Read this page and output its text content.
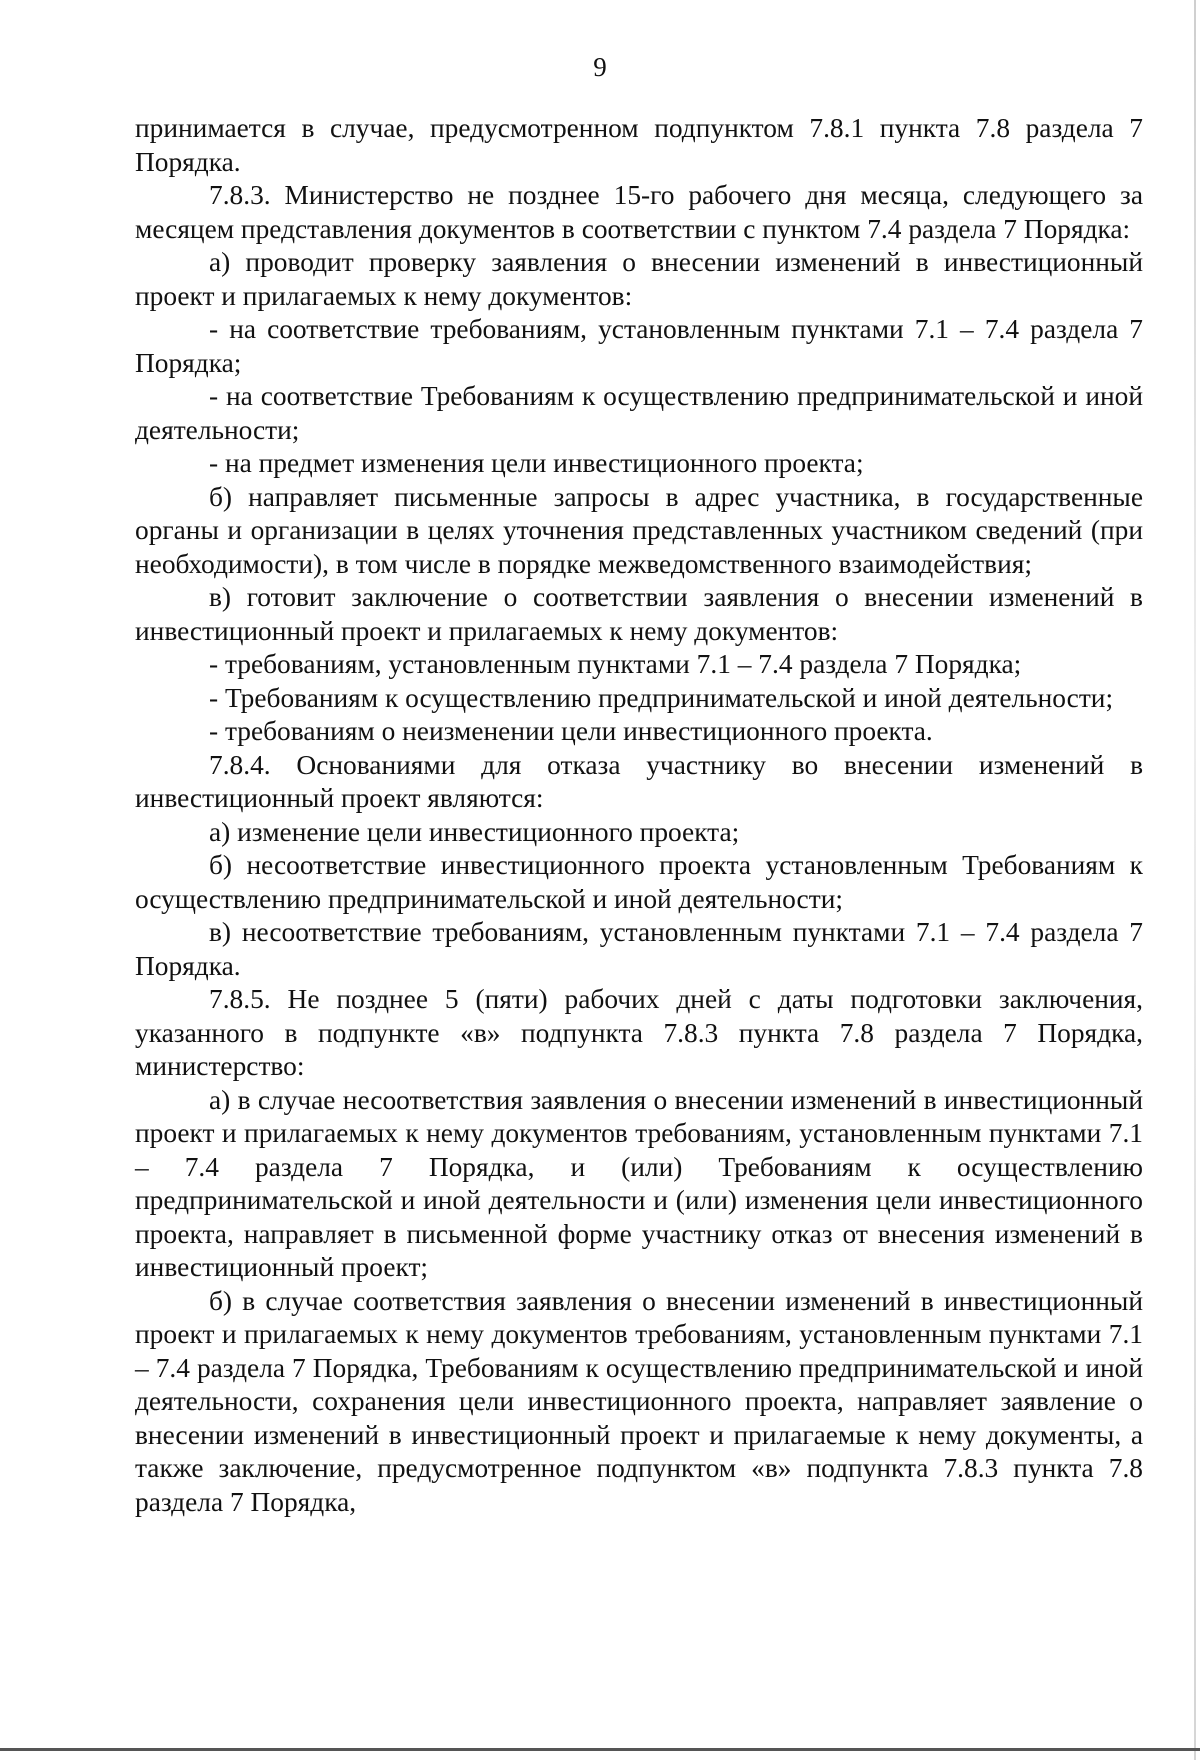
9

принимается в случае, предусмотренном подпунктом 7.8.1 пункта 7.8 раздела 7 Порядка.

7.8.3. Министерство не позднее 15-го рабочего дня месяца, следующего за месяцем представления документов в соответствии с пунктом 7.4 раздела 7 Порядка:

а) проводит проверку заявления о внесении изменений в инвестиционный проект и прилагаемых к нему документов:

- на соответствие требованиям, установленным пунктами 7.1 – 7.4 раздела 7 Порядка;

- на соответствие Требованиям к осуществлению предпринимательской и иной деятельности;

- на предмет изменения цели инвестиционного проекта;

б) направляет письменные запросы в адрес участника, в государственные органы и организации в целях уточнения представленных участником сведений (при необходимости), в том числе в порядке межведомственного взаимодействия;

в) готовит заключение о соответствии заявления о внесении изменений в инвестиционный проект и прилагаемых к нему документов:

- требованиям, установленным пунктами 7.1 – 7.4 раздела 7 Порядка;

- Требованиям к осуществлению предпринимательской и иной деятельности;

- требованиям о неизменении цели инвестиционного проекта.

7.8.4. Основаниями для отказа участнику во внесении изменений в инвестиционный проект являются:

а) изменение цели инвестиционного проекта;

б) несоответствие инвестиционного проекта установленным Требованиям к осуществлению предпринимательской и иной деятельности;

в) несоответствие требованиям, установленным пунктами 7.1 – 7.4 раздела 7 Порядка.

7.8.5. Не позднее 5 (пяти) рабочих дней с даты подготовки заключения, указанного в подпункте «в» подпункта 7.8.3 пункта 7.8 раздела 7 Порядка, министерство:

а) в случае несоответствия заявления о внесении изменений в инвестиционный проект и прилагаемых к нему документов требованиям, установленным пунктами 7.1 – 7.4 раздела 7 Порядка, и (или) Требованиям к осуществлению предпринимательской и иной деятельности и (или) изменения цели инвестиционного проекта, направляет в письменной форме участнику отказ от внесения изменений в инвестиционный проект;

б) в случае соответствия заявления о внесении изменений в инвестиционный проект и прилагаемых к нему документов требованиям, установленным пунктами 7.1 – 7.4 раздела 7 Порядка, Требованиям к осуществлению предпринимательской и иной деятельности, сохранения цели инвестиционного проекта, направляет заявление о внесении изменений в инвестиционный проект и прилагаемые к нему документы, а также заключение, предусмотренное подпунктом «в» подпункта 7.8.3 пункта 7.8 раздела 7 Порядка,
